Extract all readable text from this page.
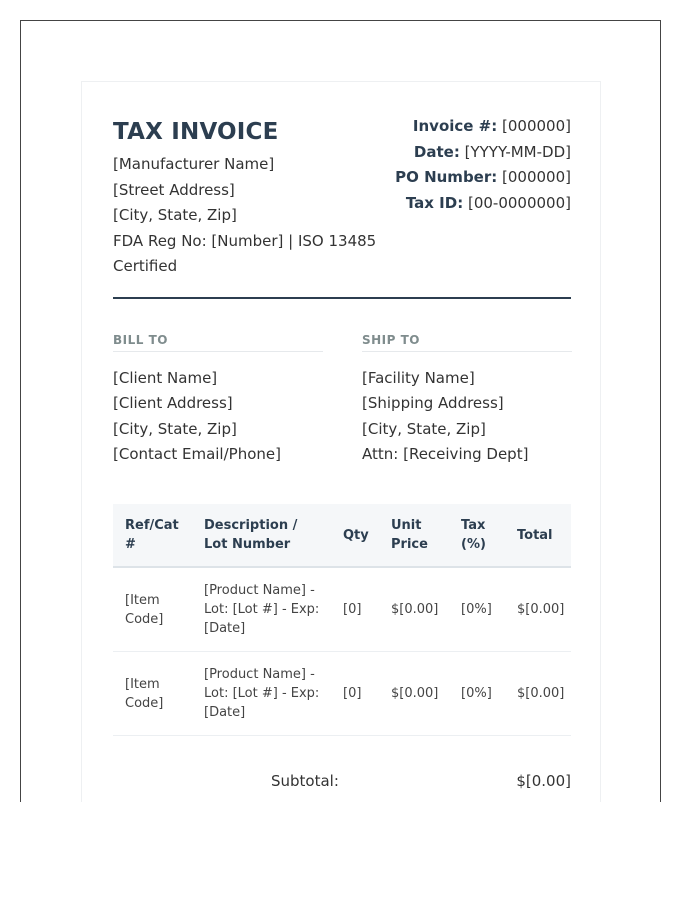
TAX INVOICE
[Manufacturer Name]
[Street Address]
[City, State, Zip]
FDA Reg No: [Number] | ISO 13485 Certified
Invoice #: [000000]
Date: [YYYY-MM-DD]
PO Number: [000000]
Tax ID: [00-0000000]
BILL TO
[Client Name]
[Client Address]
[City, State, Zip]
[Contact Email/Phone]
SHIP TO
[Facility Name]
[Shipping Address]
[City, State, Zip]
Attn: [Receiving Dept]
Ref/Cat #	Description / Lot Number	Qty	Unit Price	Tax (%)	Total
[Item Code]	[Product Name] - Lot: [Lot #] - Exp: [Date]	[0]	$[0.00]	[0%]	$[0.00]
[Item Code]	[Product Name] - Lot: [Lot #] - Exp: [Date]	[0]	$[0.00]	[0%]	$[0.00]
Subtotal:	$[0.00]
